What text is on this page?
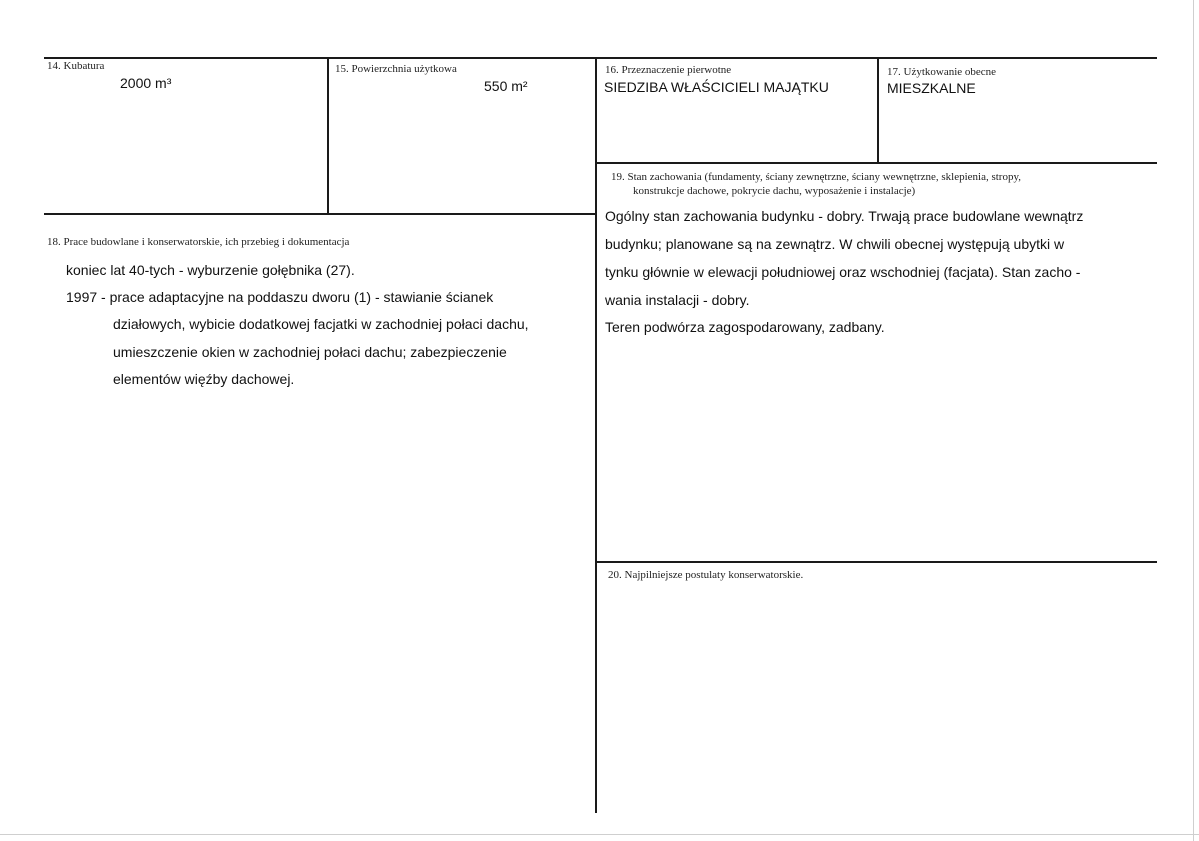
14. Kubatura
2000 m³
15. Powierzchnia użytkowa
550 m²
16. Przeznaczenie pierwotne
SIEDZIBA WŁAŚCICIELI MAJĄTKU
17. Użytkowanie obecne
MIESZKALNE
18. Prace budowlane i konserwatorskie, ich przebieg i dokumentacja
koniec lat 40-tych - wyburzenie gołębnika (27).
1997 - prace adaptacyjne na poddaszu dworu (1) - stawianie ścianek
działowych, wybicie dodatkowej facjatki w zachodniej połaci dachu,
umieszczenie okien w zachodniej połaci dachu; zabezpieczenie
elementów więźby dachowej.
19. Stan zachowania (fundamenty, ściany zewnętrzne, ściany wewnętrzne, sklepienia, stropy,
konstrukcje dachowe, pokrycie dachu, wyposażenie i instalacje)
Ogólny stan zachowania budynku - dobry. Trwają prace budowlane wewnątrz
budynku; planowane są na zewnątrz. W chwili obecnej występują ubytki w
tynku głównie w elewacji południowej oraz wschodniej (facjata). Stan zacho -
wania instalacji - dobry.
Teren podwórza zagospodarowany, zadbany.
20. Najpilniejsze postulaty konserwatorskie.
